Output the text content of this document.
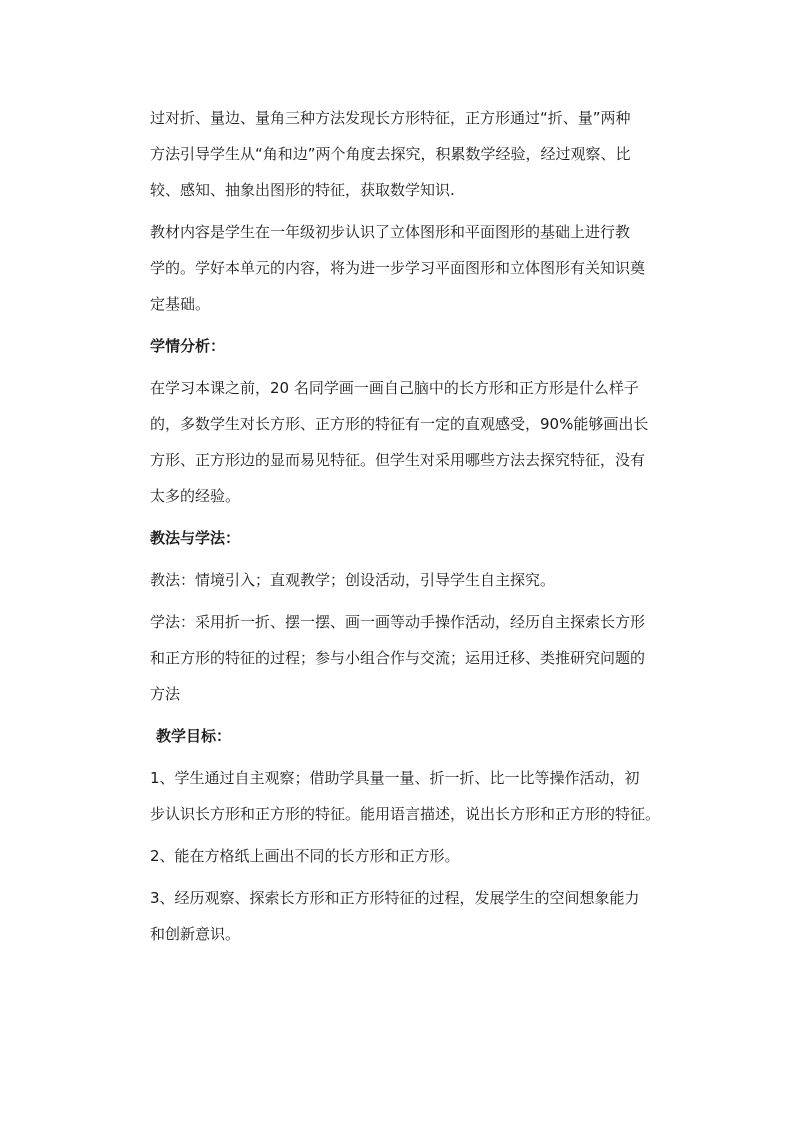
过对折、量边、量角三种方法发现长方形特征，正方形通过“折、量”两种
方法引导学生从“角和边”两个角度去探究，积累数学经验，经过观察、比
较、感知、抽象出图形的特征，获取数学知识.
教材内容是学生在一年级初步认识了立体图形和平面图形的基础上进行教
学的。学好本单元的内容，将为进一步学习平面图形和立体图形有关知识奠
定基础。
学情分析：
在学习本课之前，20 名同学画一画自己脑中的长方形和正方形是什么样子
的，多数学生对长方形、正方形的特征有一定的直观感受，90%能够画出长
方形、正方形边的显而易见特征。但学生对采用哪些方法去探究特征，没有
太多的经验。
教法与学法：
教法：情境引入；直观教学；创设活动，引导学生自主探究。
学法：采用折一折、摆一摆、画一画等动手操作活动，经历自主探索长方形
和正方形的特征的过程；参与小组合作与交流；运用迁移、类推研究问题的
方法
教学目标：
1、学生通过自主观察；借助学具量一量、折一折、比一比等操作活动，初
步认识长方形和正方形的特征。能用语言描述，说出长方形和正方形的特征。
2、能在方格纸上画出不同的长方形和正方形。
3、经历观察、探索长方形和正方形特征的过程，发展学生的空间想象能力
和创新意识。
